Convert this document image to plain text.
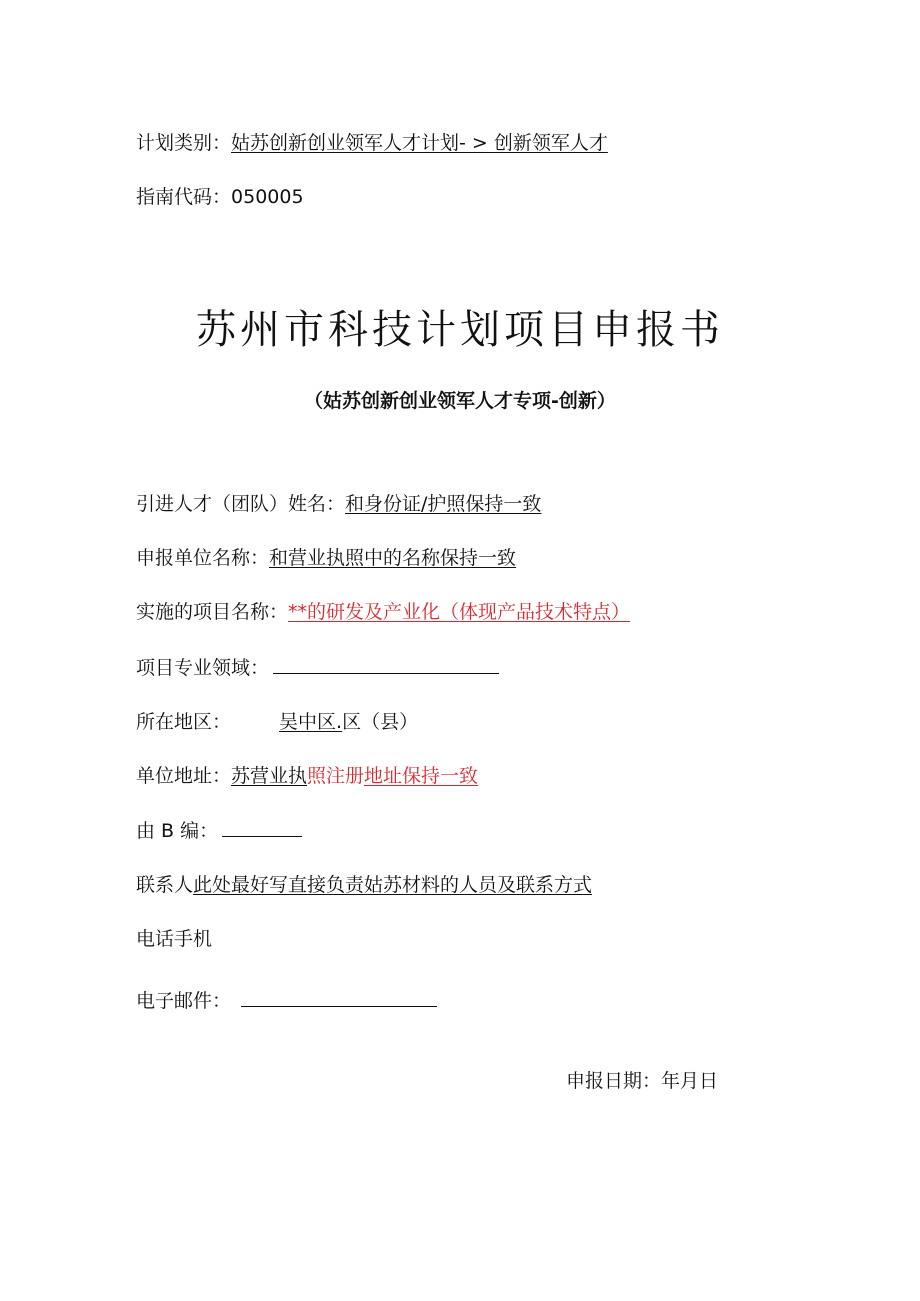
计划类别：姑苏创新创业领军人才计划- > 创新领军人才
指南代码：050005
苏州市科技计划项目申报书
（姑苏创新创业领军人才专项-创新）
引进人才（团队）姓名：和身份证/护照保持一致
申报单位名称：和营业执照中的名称保持一致
实施的项目名称：**的研发及产业化（体现产品技术特点）
项目专业领域：
所在地区：	吴中区.区（县）
单位地址：苏营业执照注册地址保持一致
由 B 编：
联系人此处最好写直接负责姑苏材料的人员及联系方式
电话手机
电子邮件：
申报日期：年月日
